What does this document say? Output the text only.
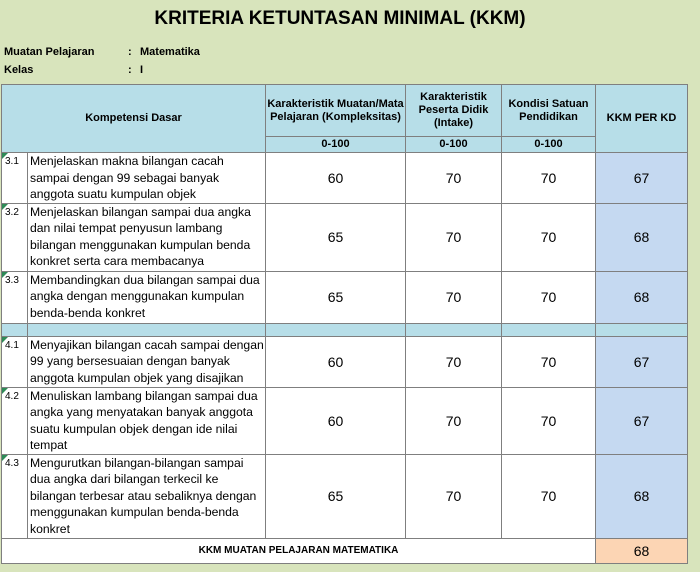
KRITERIA KETUNTASAN MINIMAL (KKM)
Muatan Pelajaran	: Matematika
Kelas	: I
Kompetensi Dasar		Karakteristik Muatan/Mata Pelajaran (Kompleksitas)	Karakteristik Peserta Didik (Intake)	Kondisi Satuan Pendidikan	KKM PER KD
		0-100	0-100	0-100	
3.1	Menjelaskan makna bilangan cacah sampai dengan 99 sebagai banyak anggota suatu kumpulan objek	60	70	70	67
3.2	Menjelaskan bilangan sampai dua angka dan nilai tempat penyusun lambang bilangan menggunakan kumpulan benda konkret serta cara membacanya	65	70	70	68
3.3	Membandingkan dua bilangan sampai dua angka dengan menggunakan kumpulan benda-benda konkret	65	70	70	68

4.1	Menyajikan bilangan cacah sampai dengan 99 yang bersesuaian dengan banyak anggota kumpulan objek yang disajikan	60	70	70	67
4.2	Menuliskan lambang bilangan sampai dua angka yang menyatakan banyak anggota suatu kumpulan objek dengan ide nilai tempat	60	70	70	67
4.3	Mengurutkan bilangan-bilangan sampai dua angka dari bilangan terkecil ke bilangan terbesar atau sebaliknya dengan menggunakan kumpulan benda-benda konkret	65	70	70	68
KKM MUATAN PELAJARAN MATEMATIKA					68
